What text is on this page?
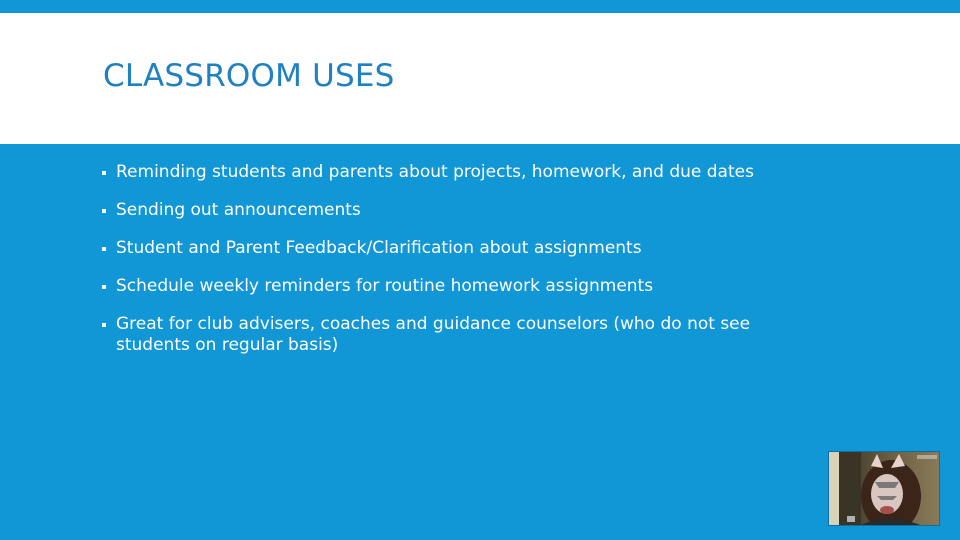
CLASSROOM USES
Reminding students and parents about projects, homework, and due dates
Sending out announcements
Student and Parent Feedback/Clarification about assignments
Schedule weekly reminders for routine homework assignments
Great for club advisers, coaches and guidance counselors (who do not see students on regular basis)
